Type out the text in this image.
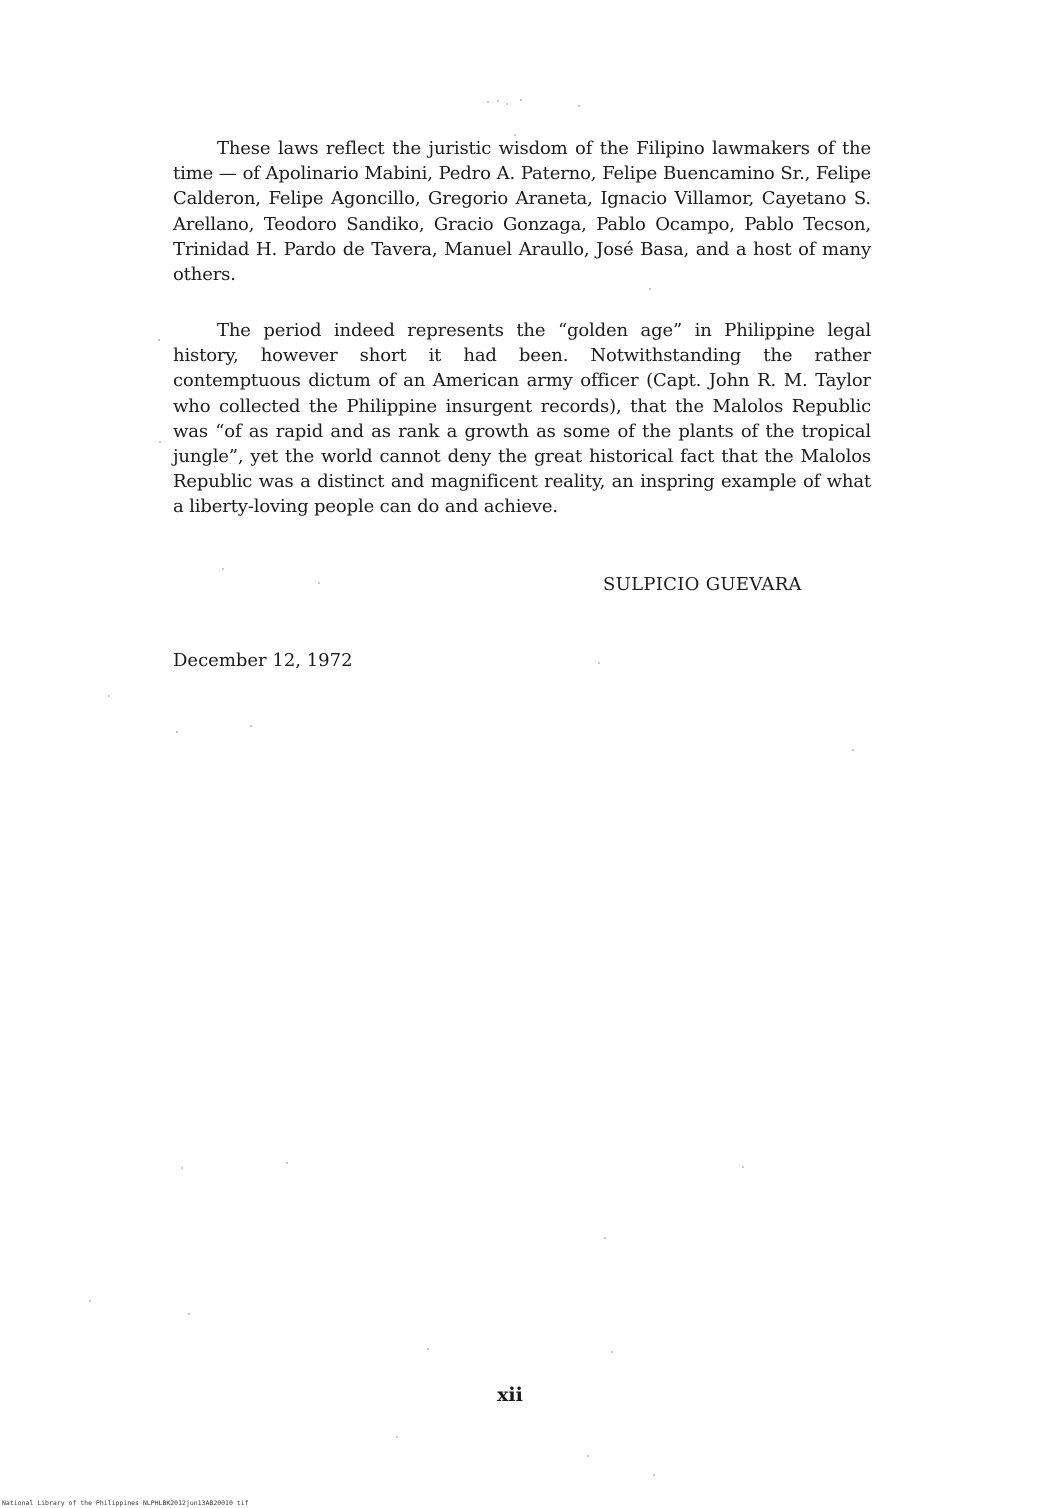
These laws reflect the juristic wisdom of the Filipino lawmakers of the time — of Apolinario Mabini, Pedro A. Paterno, Felipe Buencamino Sr., Felipe Calderon, Felipe Agoncillo, Gregorio Araneta, Ignacio Villamor, Cayetano S. Arellano, Teodoro Sandiko, Gracio Gonzaga, Pablo Ocampo, Pablo Tecson, Trinidad H. Pardo de Tavera, Manuel Araullo, José Basa, and a host of many others.

The period indeed represents the “golden age” in Philippine legal history, however short it had been. Notwithstanding the rather contemptuous dictum of an American army officer (Capt. John R. M. Taylor who collected the Philippine insurgent records), that the Malolos Republic was “of as rapid and as rank a growth as some of the plants of the tropical jungle”, yet the world cannot deny the great historical fact that the Malolos Republic was a distinct and magnificent reality, an inspring example of what a liberty-loving people can do and achieve.

SULPICIO GUEVARA
December 12, 1972
xii
National Library of the Philippines NLPHLBK2012jun13AB20010 tif
